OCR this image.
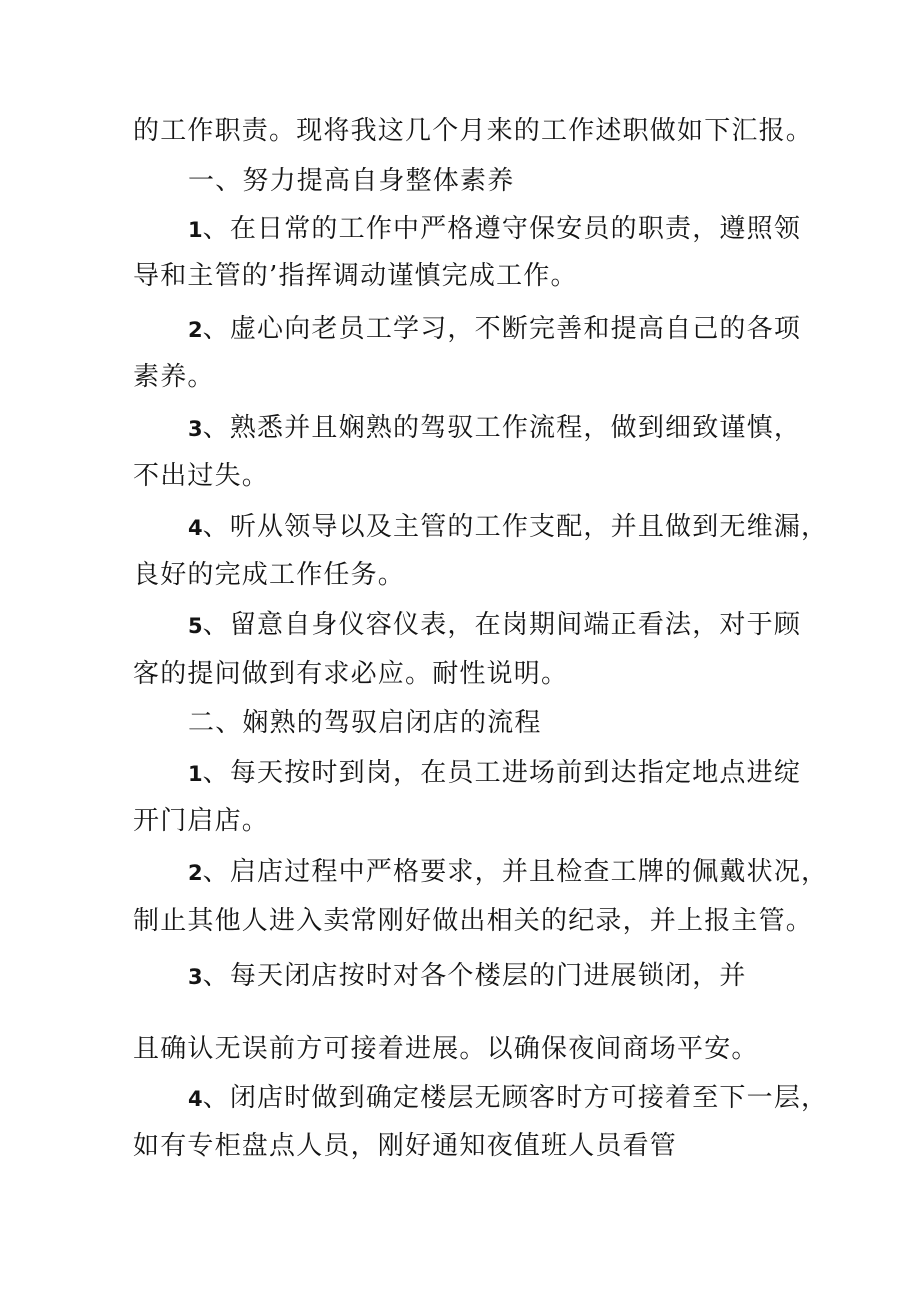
的工作职责。现将我这几个月来的工作述职做如下汇报。
一、努力提高自身整体素养
1、在日常的工作中严格遵守保安员的职责，遵照领
导和主管的’指挥调动谨慎完成工作。
2、虚心向老员工学习，不断完善和提高自己的各项
素养。
3、熟悉并且娴熟的驾驭工作流程，做到细致谨慎，
不出过失。
4、听从领导以及主管的工作支配，并且做到无维漏，
良好的完成工作任务。
5、留意自身仪容仪表，在岗期间端正看法，对于顾
客的提问做到有求必应。耐性说明。
二、娴熟的驾驭启闭店的流程
1、每天按时到岗，在员工进场前到达指定地点进绽
开门启店。
2、启店过程中严格要求，并且检查工牌的佩戴状况，
制止其他人进入卖常刚好做出相关的纪录，并上报主管。
3、每天闭店按时对各个楼层的门进展锁闭，并
且确认无误前方可接着进展。以确保夜间商场平安。
4、闭店时做到确定楼层无顾客时方可接着至下一层，
如有专柜盘点人员，刚好通知夜值班人员看管
